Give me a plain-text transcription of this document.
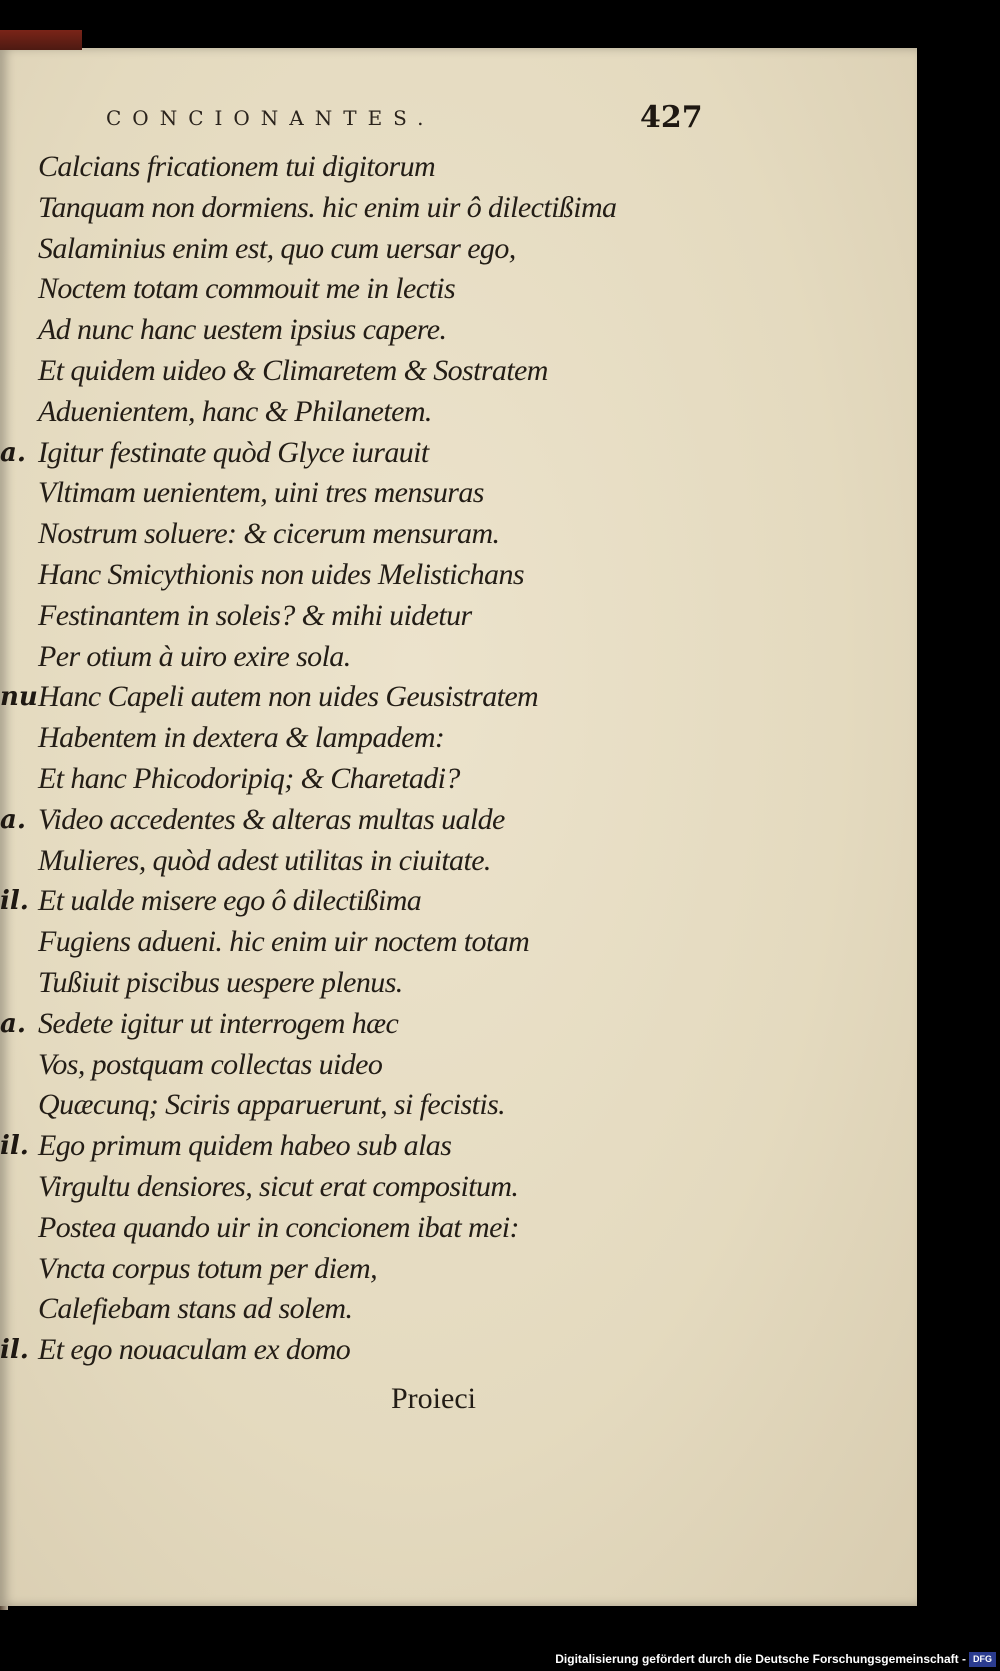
CONCIONANTES.	427
Calcians fricationem tui digitorum
Tanquam non dormiens. hic enim uir ô dilectißima
Salaminius enim est, quo cum uersar ego,
Noctem totam commouit me in lectis
Ad nunc hanc uestem ipsius capere.
Et quidem uideo & Climaretem & Sostratem
Aduenientem, hanc & Philanetem.
a. Igitur festinate quòd Glyce iurauit
Vltimam uenientem, uini tres mensuras
Nostrum soluere: & cicerum mensuram.
Hanc Smicythionis non uides Melistichans
Festinantem in soleis? & mihi uidetur
Per otium à uiro exire sola.
nu Hanc Capeli autem non uides Geusistratem
Habentem in dextera & lampadem:
Et hanc Phicodoripiq; & Charetadi?
a. Video accedentes & alteras multas ualde
Mulieres, quòd adest utilitas in ciuitate.
il. Et ualde misere ego ô dilectißima
Fugiens adueni. hic enim uir noctem totam
Tußiuit piscibus uespere plenus.
a. Sedete igitur ut interrogem hæc
Vos, postquam collectas uideo
Quæcunq; Sciris apparuerunt, si fecistis.
il. Ego primum quidem habeo sub alas
Virgultu densiores, sicut erat compositum.
Postea quando uir in concionem ibat mei:
Vncta corpus totum per diem,
Calefiebam stans ad solem.
il. Et ego nouaculam ex domo
Proieci
Digitalisierung gefördert durch die Deutsche Forschungsgemeinschaft - DFG
